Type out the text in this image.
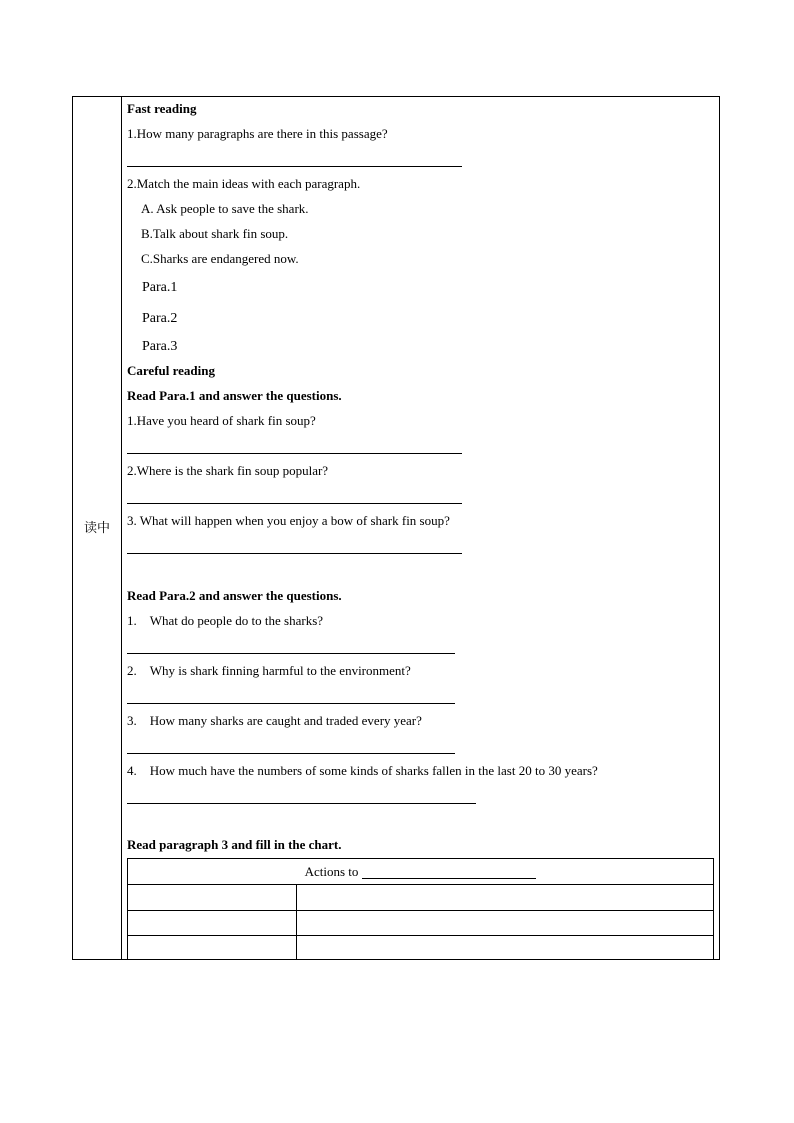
读中
Fast reading
1.How many paragraphs are there in this passage?
2.Match the main ideas with each paragraph.
A. Ask people to save the shark.
B.Talk about shark fin soup.
C.Sharks are endangered now.
Para.1
Para.2
Para.3
Careful reading
Read Para.1 and answer the questions.
1.Have you heard of shark fin soup?
2.Where is the shark fin soup popular?
3. What will happen when you enjoy a bow of shark fin soup?
Read Para.2 and answer the questions.
1.    What do people do to the sharks?
2.    Why is shark finning harmful to the environment?
3.    How many sharks are caught and traded every year?
4.    How much have the numbers of some kinds of sharks fallen in the last 20 to 30 years?
Read paragraph 3 and fill in the chart.
Actions to
